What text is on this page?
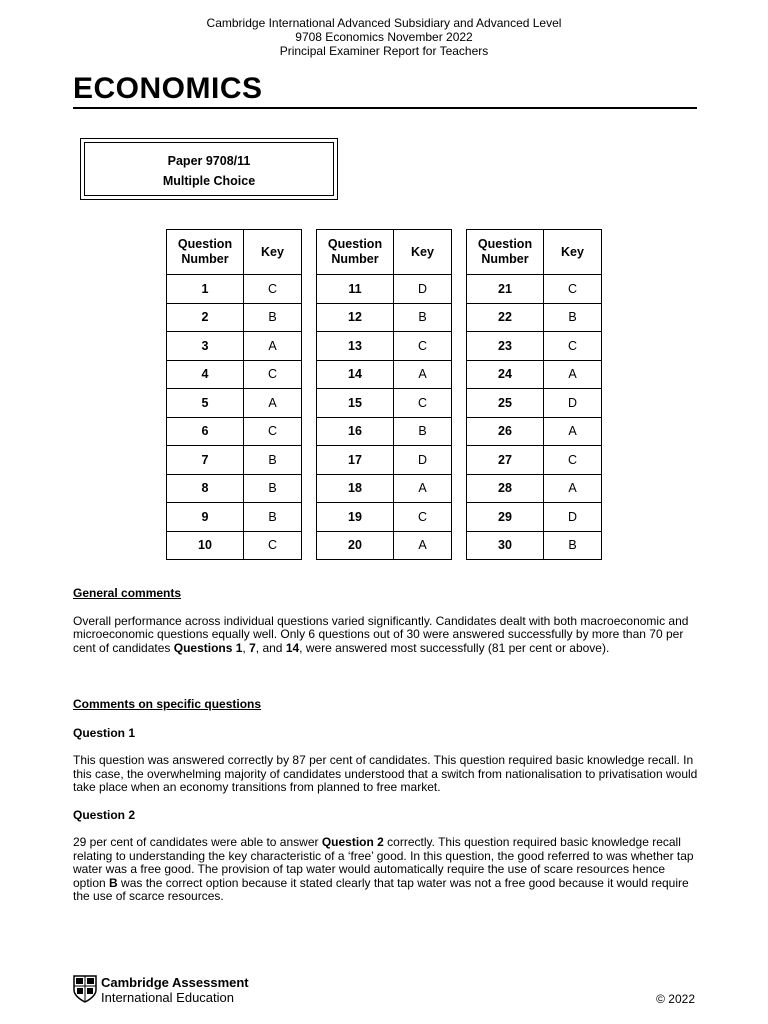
Cambridge International Advanced Subsidiary and Advanced Level
9708 Economics November 2022
Principal Examiner Report for Teachers
ECONOMICS
Paper 9708/11
Multiple Choice
Question
Number	Key
1	C
2	B
3	A
4	C
5	A
6	C
7	B
8	B
9	B
10	C
Question
Number	Key
11	D
12	B
13	C
14	A
15	C
16	B
17	D
18	A
19	C
20	A
Question
Number	Key
21	C
22	B
23	C
24	A
25	D
26	A
27	C
28	A
29	D
30	B
General comments

Overall performance across individual questions varied significantly. Candidates dealt with both macroeconomic and microeconomic questions equally well. Only 6 questions out of 30 were answered successfully by more than 70 per cent of candidates Questions 1, 7, and 14, were answered most successfully (81 per cent or above).

Comments on specific questions
Question 1

This question was answered correctly by 87 per cent of candidates. This question required basic knowledge recall. In this case, the overwhelming majority of candidates understood that a switch from nationalisation to privatisation would take place when an economy transitions from planned to free market.

Question 2

29 per cent of candidates were able to answer Question 2 correctly. This question required basic knowledge recall relating to understanding the key characteristic of a ‘free’ good. In this question, the good referred to was whether tap water was a free good. The provision of tap water would automatically require the use of scare resources hence option B was the correct option because it stated clearly that tap water was not a free good because it would require the use of scarce resources.

Cambridge Assessment
International Education	© 2022
